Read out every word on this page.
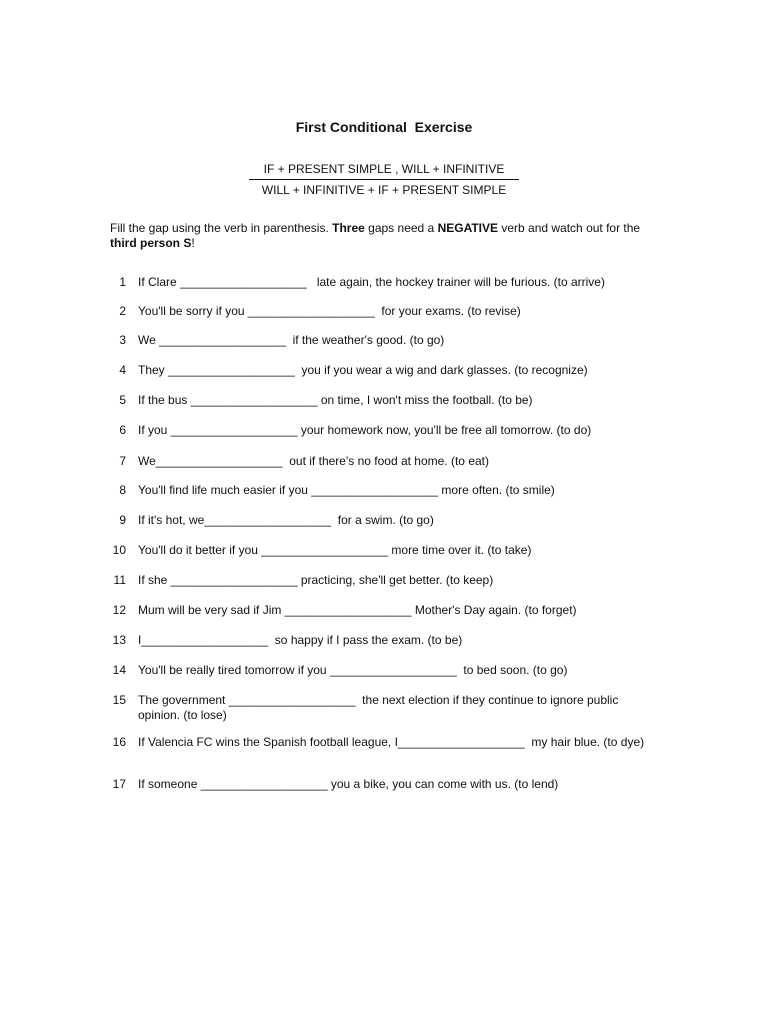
First Conditional  Exercise
IF + PRESENT SIMPLE , WILL + INFINITIVE
WILL + INFINITIVE + IF + PRESENT SIMPLE
Fill the gap using the verb in parenthesis. Three gaps need a NEGATIVE verb and watch out for the third person S!
1 If Clare ___________________   late again, the hockey trainer will be furious. (to arrive)
2 You'll be sorry if you ___________________  for your exams. (to revise)
3 We ___________________  if the weather's good. (to go)
4 They ___________________  you if you wear a wig and dark glasses. (to recognize)
5 If the bus ___________________ on time, I won't miss the football. (to be)
6 If you ___________________ your homework now, you'll be free all tomorrow. (to do)
7 We___________________  out if there's no food at home. (to eat)
8 You'll find life much easier if you ___________________ more often. (to smile)
9 If it's hot, we___________________  for a swim. (to go)
10 You'll do it better if you ___________________ more time over it. (to take)
11 If she ___________________ practicing, she'll get better. (to keep)
12 Mum will be very sad if Jim ___________________ Mother's Day again. (to forget)
13 I___________________  so happy if I pass the exam. (to be)
14 You'll be really tired tomorrow if you ___________________  to bed soon. (to go)
15 The government ___________________  the next election if they continue to ignore public opinion. (to lose)
16 If Valencia FC wins the Spanish football league, I___________________  my hair blue. (to dye)
17 If someone ___________________ you a bike, you can come with us. (to lend)
